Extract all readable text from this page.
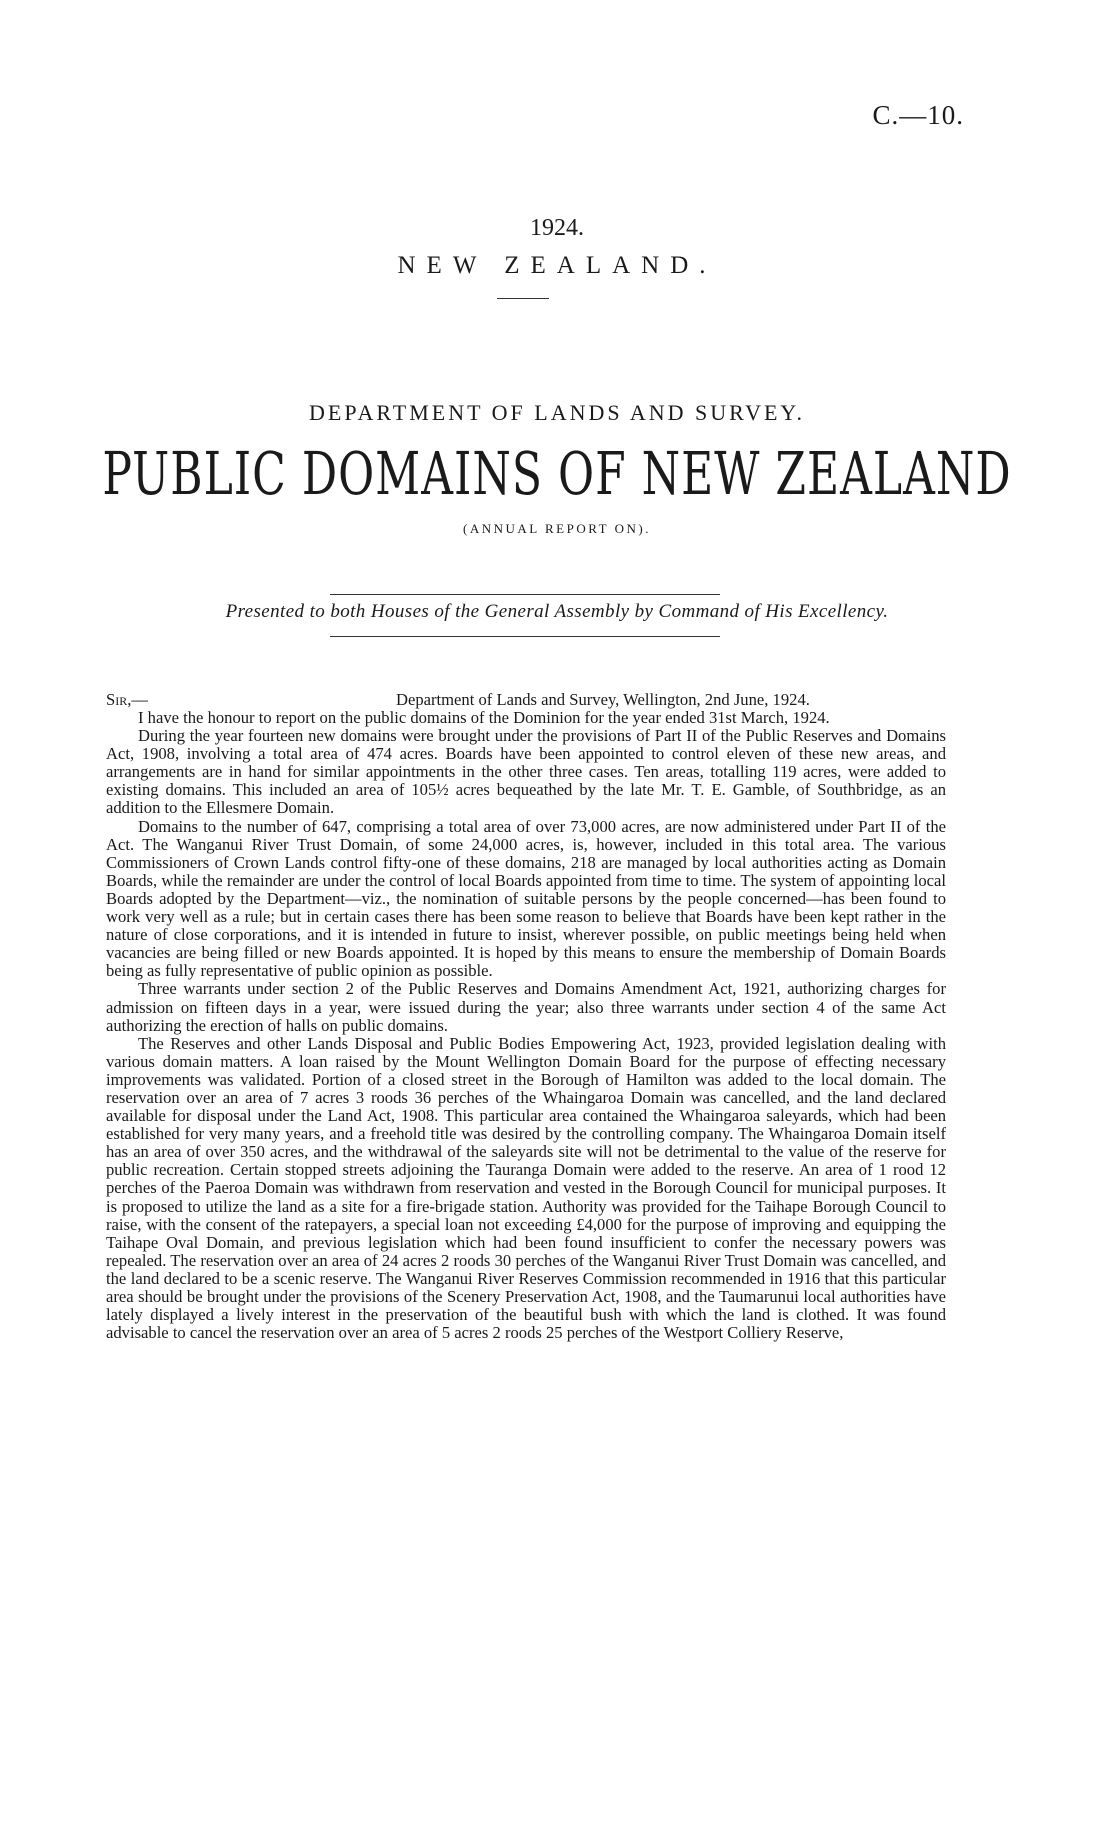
C.—10.
1924.
NEW ZEALAND.
DEPARTMENT OF LANDS AND SURVEY.
PUBLIC DOMAINS OF NEW ZEALAND
(ANNUAL REPORT ON).
Presented to both Houses of the General Assembly by Command of His Excellency.
Sir,—	Department of Lands and Survey, Wellington, 2nd June, 1924.

I have the honour to report on the public domains of the Dominion for the year ended 31st March, 1924.

During the year fourteen new domains were brought under the provisions of Part II of the Public Reserves and Domains Act, 1908, involving a total area of 474 acres. Boards have been appointed to control eleven of these new areas, and arrangements are in hand for similar appointments in the other three cases. Ten areas, totalling 119 acres, were added to existing domains. This included an area of 105½ acres bequeathed by the late Mr. T. E. Gamble, of Southbridge, as an addition to the Ellesmere Domain.

Domains to the number of 647, comprising a total area of over 73,000 acres, are now administered under Part II of the Act. The Wanganui River Trust Domain, of some 24,000 acres, is, however, included in this total area. The various Commissioners of Crown Lands control fifty-one of these domains, 218 are managed by local authorities acting as Domain Boards, while the remainder are under the control of local Boards appointed from time to time. The system of appointing local Boards adopted by the Department—viz., the nomination of suitable persons by the people concerned—has been found to work very well as a rule; but in certain cases there has been some reason to believe that Boards have been kept rather in the nature of close corporations, and it is intended in future to insist, wherever possible, on public meetings being held when vacancies are being filled or new Boards appointed. It is hoped by this means to ensure the membership of Domain Boards being as fully representative of public opinion as possible.

Three warrants under section 2 of the Public Reserves and Domains Amendment Act, 1921, authorizing charges for admission on fifteen days in a year, were issued during the year; also three warrants under section 4 of the same Act authorizing the erection of halls on public domains.

The Reserves and other Lands Disposal and Public Bodies Empowering Act, 1923, provided legislation dealing with various domain matters. A loan raised by the Mount Wellington Domain Board for the purpose of effecting necessary improvements was validated. Portion of a closed street in the Borough of Hamilton was added to the local domain. The reservation over an area of 7 acres 3 roods 36 perches of the Whaingaroa Domain was cancelled, and the land declared available for disposal under the Land Act, 1908. This particular area contained the Whaingaroa saleyards, which had been established for very many years, and a freehold title was desired by the controlling company. The Whaingaroa Domain itself has an area of over 350 acres, and the withdrawal of the saleyards site will not be detrimental to the value of the reserve for public recreation. Certain stopped streets adjoining the Tauranga Domain were added to the reserve. An area of 1 rood 12 perches of the Paeroa Domain was withdrawn from reservation and vested in the Borough Council for municipal purposes. It is proposed to utilize the land as a site for a fire-brigade station. Authority was provided for the Taihape Borough Council to raise, with the consent of the ratepayers, a special loan not exceeding £4,000 for the purpose of improving and equipping the Taihape Oval Domain, and previous legislation which had been found insufficient to confer the necessary powers was repealed. The reservation over an area of 24 acres 2 roods 30 perches of the Wanganui River Trust Domain was cancelled, and the land declared to be a scenic reserve. The Wanganui River Reserves Commission recommended in 1916 that this particular area should be brought under the provisions of the Scenery Preservation Act, 1908, and the Taumarunui local authorities have lately displayed a lively interest in the preservation of the beautiful bush with which the land is clothed. It was found advisable to cancel the reservation over an area of 5 acres 2 roods 25 perches of the Westport Colliery Reserve,
